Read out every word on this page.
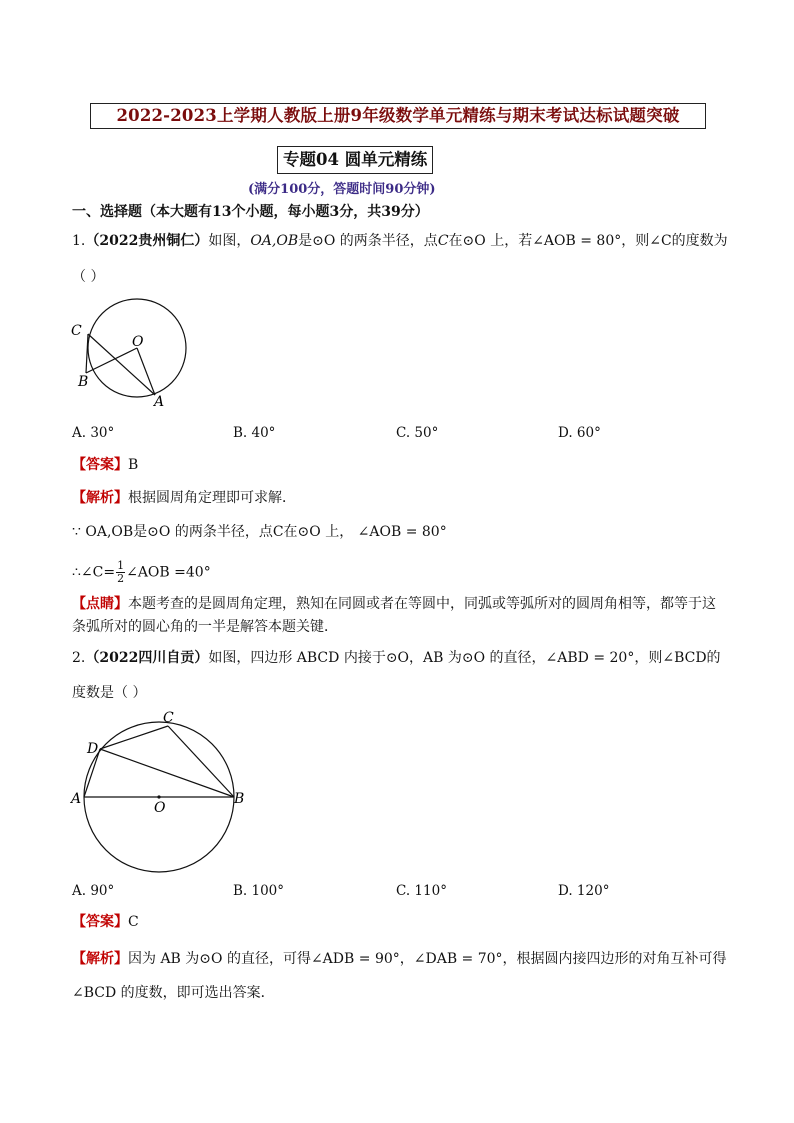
2022-2023上学期人教版上册9年级数学单元精练与期末考试达标试题突破
专题04 圆单元精练
(满分100分，答题时间90分钟)
一、选择题（本大题有13个小题，每小题3分，共39分）
1.（2022贵州铜仁）如图，OA,OB是⊙O 的两条半径，点C在⊙O 上，若∠AOB = 80°，则∠C的度数为
（ ）
C
O
B
A
A. 30°	B. 40°	C. 50°	D. 60°
【答案】B
【解析】根据圆周角定理即可求解．
∵ OA,OB是⊙O 的两条半径，点C在⊙O 上， ∠AOB = 80°
∴∠C= $\frac{1}{2}$ ∠AOB =40°
【点睛】本题考查的是圆周角定理，熟知在同圆或者在等圆中，同弧或等弧所对的圆周角相等，都等于这
条弧所对的圆心角的一半是解答本题关键．
2.（2022四川自贡）如图，四边形 ABCD 内接于⊙O，AB 为⊙O 的直径，∠ABD = 20°，则∠BCD的
度数是（ ）
C
D
A
O
B
A. 90°	B. 100°	C. 110°	D. 120°
【答案】C
【解析】因为 AB 为⊙O 的直径，可得∠ADB = 90°，∠DAB = 70°，根据圆内接四边形的对角互补可得
∠BCD 的度数，即可选出答案．
